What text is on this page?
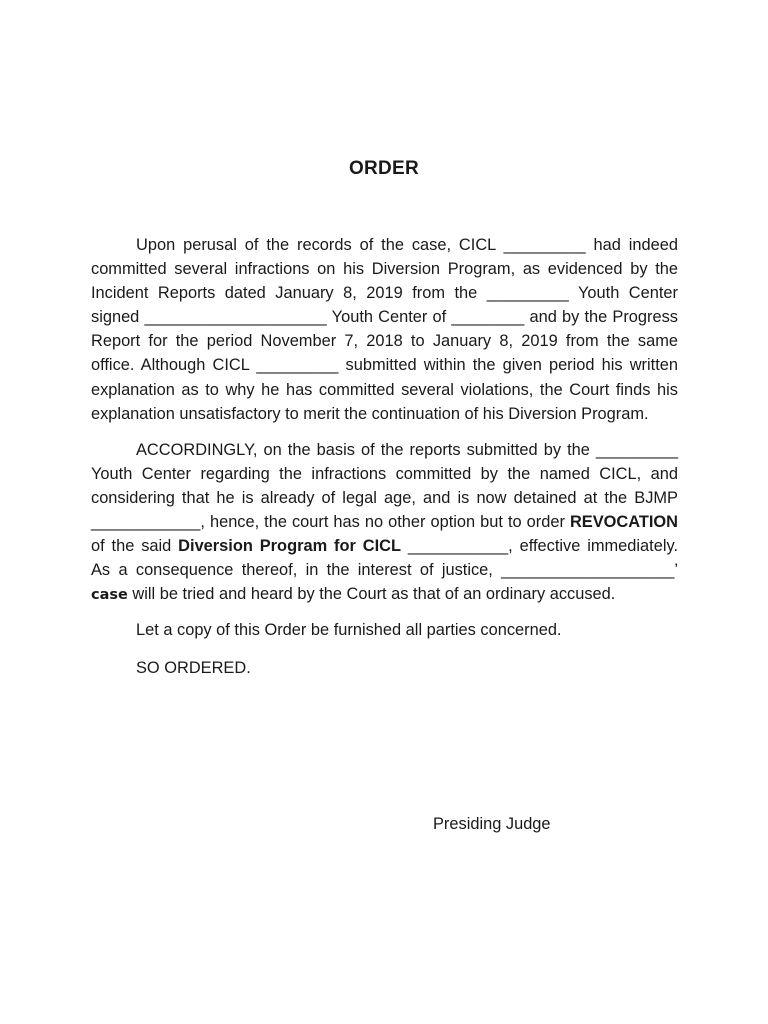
ORDER

Upon perusal of the records of the case, CICL _________ had indeed committed several infractions on his Diversion Program, as evidenced by the Incident Reports dated January 8, 2019 from the _________ Youth Center signed ____________________ Youth Center of ________ and by the Progress Report for the period November 7, 2018 to January 8, 2019 from the same office. Although CICL _________ submitted within the given period his written explanation as to why he has committed several violations, the Court finds his explanation unsatisfactory to merit the continuation of his Diversion Program.

ACCORDINGLY, on the basis of the reports submitted by the _________ Youth Center regarding the infractions committed by the named CICL, and considering that he is already of legal age, and is now detained at the BJMP ____________, hence, the court has no other option but to order REVOCATION of the said Diversion Program for CICL ___________, effective immediately. As a consequence thereof, in the interest of justice, ___________________’ case will be tried and heard by the Court as that of an ordinary accused.

Let a copy of this Order be furnished all parties concerned.

SO ORDERED.

Presiding Judge
